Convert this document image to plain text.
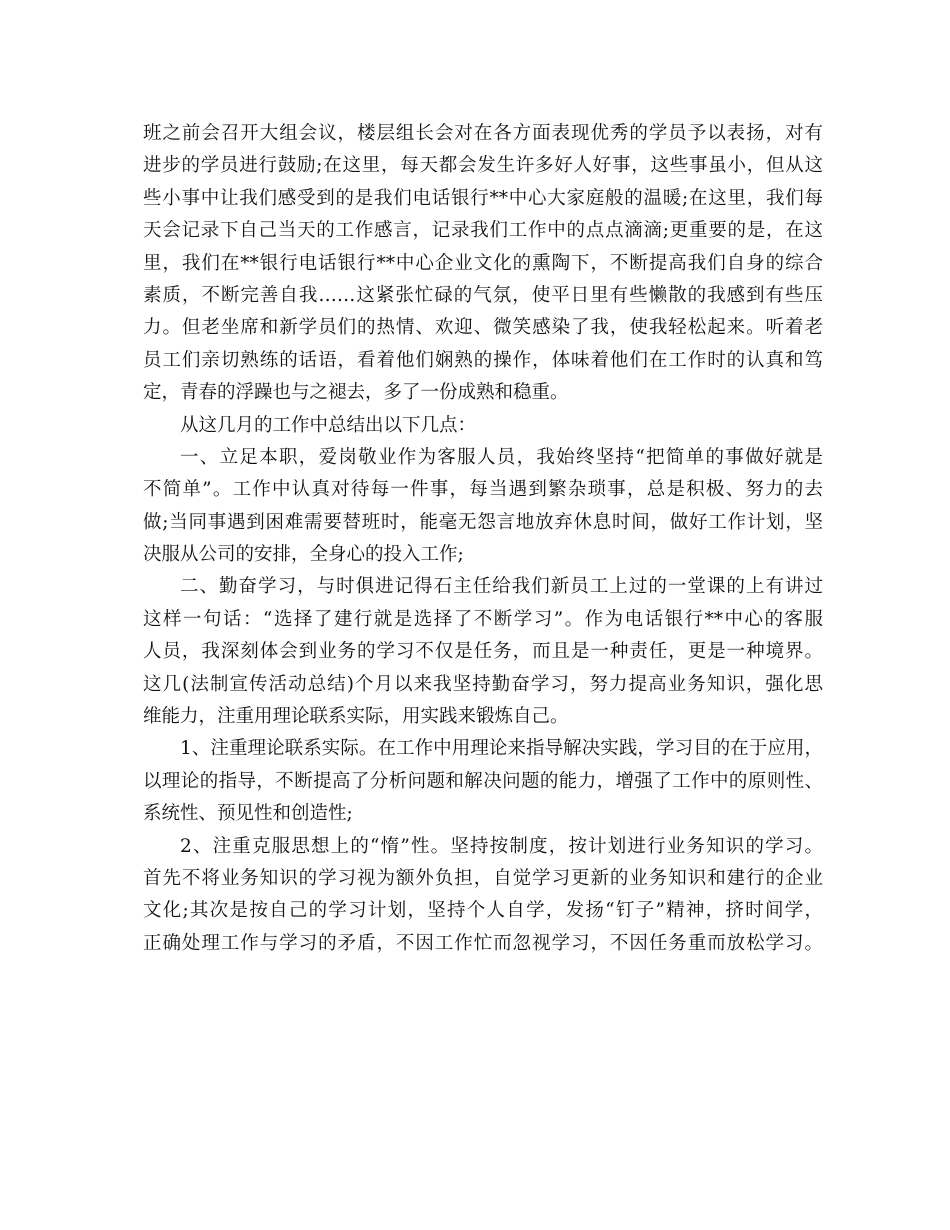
班之前会召开大组会议，楼层组长会对在各方面表现优秀的学员予以表扬，对有
进步的学员进行鼓励;在这里，每天都会发生许多好人好事，这些事虽小，但从这
些小事中让我们感受到的是我们电话银行**中心大家庭般的温暖;在这里，我们每
天会记录下自己当天的工作感言，记录我们工作中的点点滴滴;更重要的是，在这
里，我们在**银行电话银行**中心企业文化的熏陶下，不断提高我们自身的综合
素质，不断完善自我……这紧张忙碌的气氛，使平日里有些懒散的我感到有些压
力。但老坐席和新学员们的热情、欢迎、微笑感染了我，使我轻松起来。听着老
员工们亲切熟练的话语，看着他们娴熟的操作，体味着他们在工作时的认真和笃
定，青春的浮躁也与之褪去，多了一份成熟和稳重。
从这几月的工作中总结出以下几点：
一、立足本职，爱岗敬业作为客服人员，我始终坚持“把简单的事做好就是
不简单”。工作中认真对待每一件事，每当遇到繁杂琐事，总是积极、努力的去
做;当同事遇到困难需要替班时，能毫无怨言地放弃休息时间，做好工作计划，坚
决服从公司的安排，全身心的投入工作;
二、勤奋学习，与时俱进记得石主任给我们新员工上过的一堂课的上有讲过
这样一句话：“选择了建行就是选择了不断学习”。作为电话银行**中心的客服
人员，我深刻体会到业务的学习不仅是任务，而且是一种责任，更是一种境界。
这几(法制宣传活动总结)个月以来我坚持勤奋学习，努力提高业务知识，强化思
维能力，注重用理论联系实际，用实践来锻炼自己。
1、注重理论联系实际。在工作中用理论来指导解决实践，学习目的在于应用，
以理论的指导，不断提高了分析问题和解决问题的能力，增强了工作中的原则性、
系统性、预见性和创造性;
2、注重克服思想上的“惰”性。坚持按制度，按计划进行业务知识的学习。
首先不将业务知识的学习视为额外负担，自觉学习更新的业务知识和建行的企业
文化;其次是按自己的学习计划，坚持个人自学，发扬“钉子”精神，挤时间学，
正确处理工作与学习的矛盾，不因工作忙而忽视学习，不因任务重而放松学习。
